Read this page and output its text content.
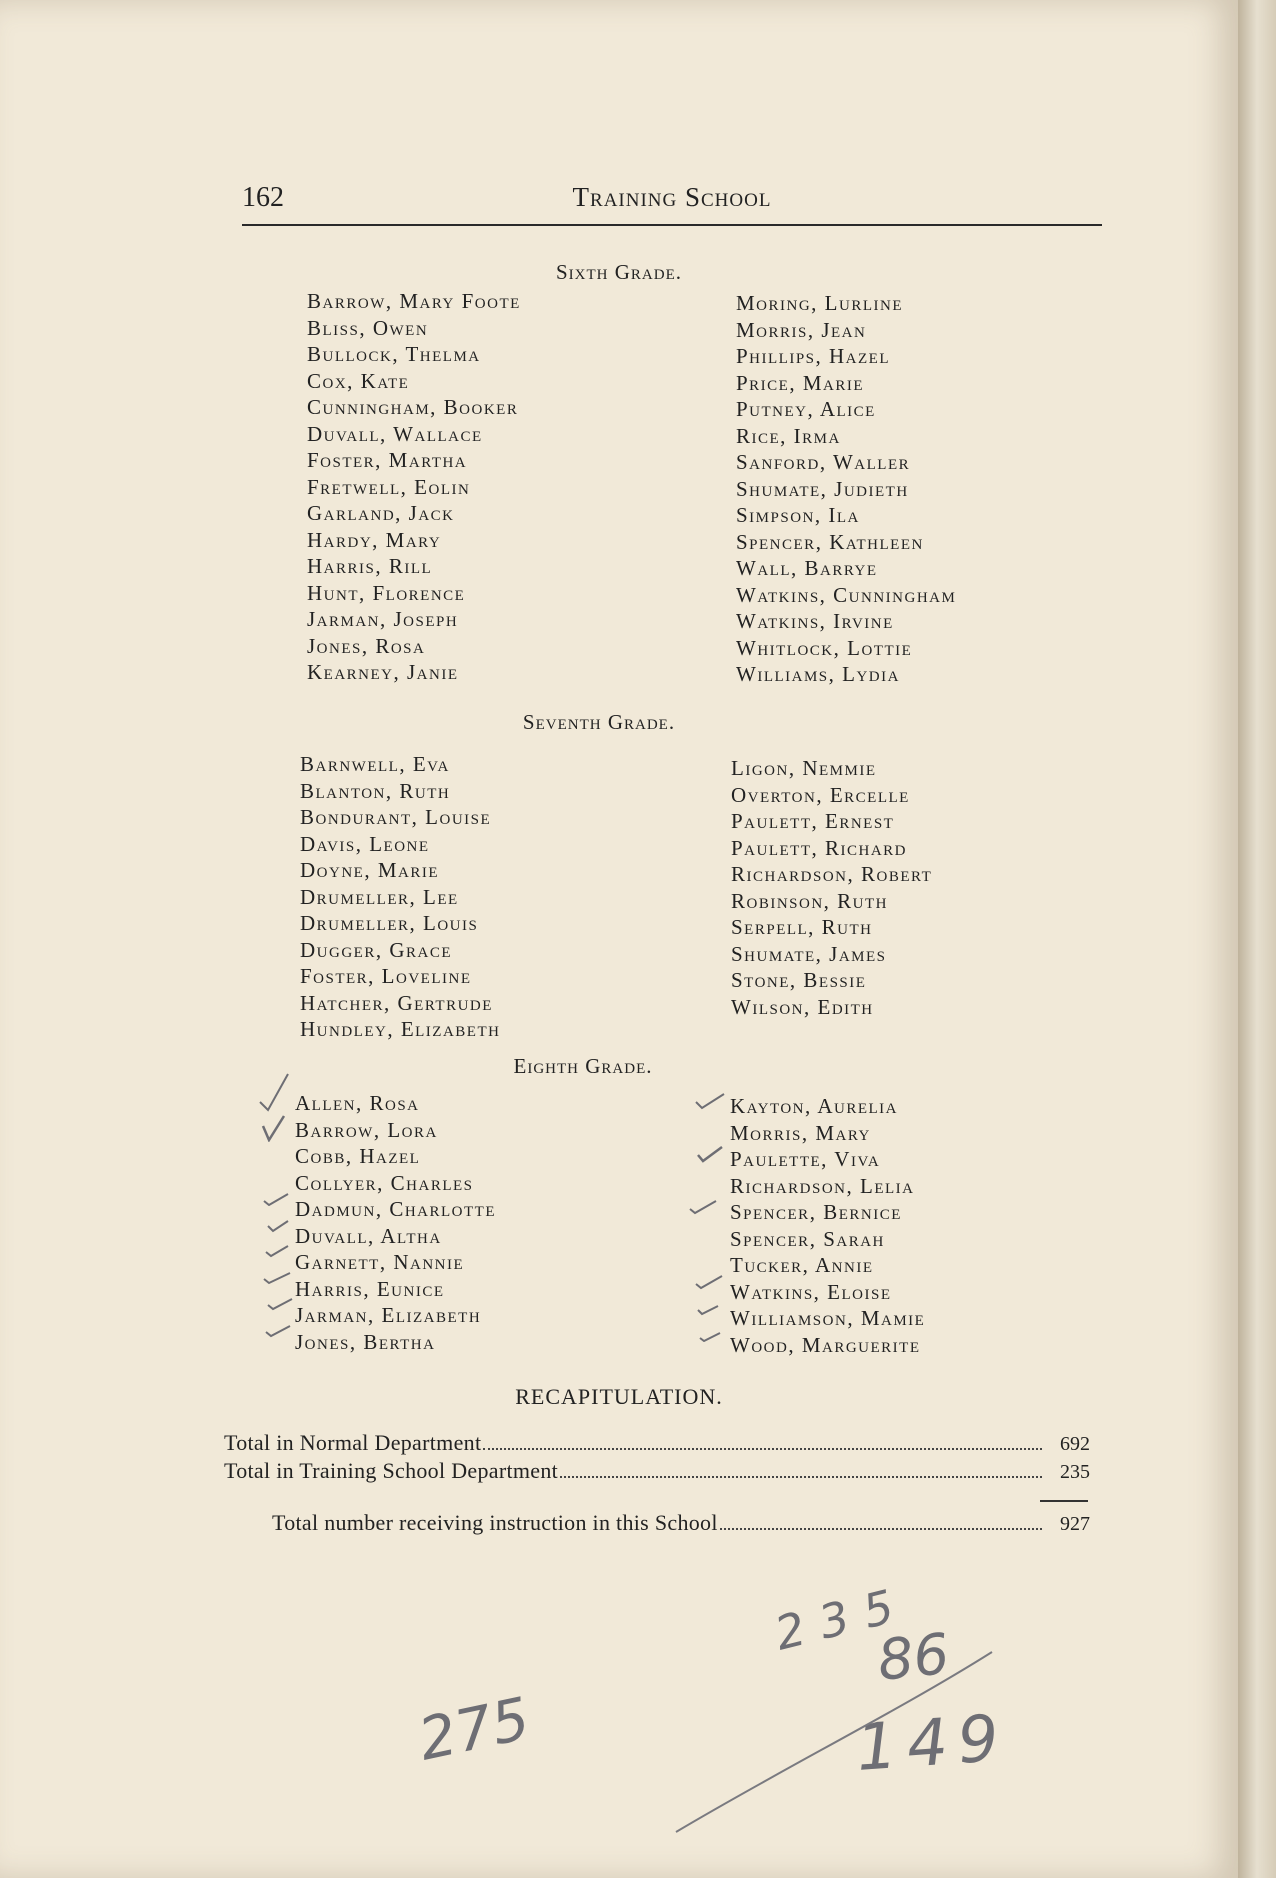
162	Training School
Sixth Grade.
Barrow, Mary Foote
Bliss, Owen
Bullock, Thelma
Cox, Kate
Cunningham, Booker
Duvall, Wallace
Foster, Martha
Fretwell, Eolin
Garland, Jack
Hardy, Mary
Harris, Rill
Hunt, Florence
Jarman, Joseph
Jones, Rosa
Kearney, Janie
Moring, Lurline
Morris, Jean
Phillips, Hazel
Price, Marie
Putney, Alice
Rice, Irma
Sanford, Waller
Shumate, Judieth
Simpson, Ila
Spencer, Kathleen
Wall, Barrye
Watkins, Cunningham
Watkins, Irvine
Whitlock, Lottie
Williams, Lydia
Seventh Grade.
Barnwell, Eva
Blanton, Ruth
Bondurant, Louise
Davis, Leone
Doyne, Marie
Drumeller, Lee
Drumeller, Louis
Dugger, Grace
Foster, Loveline
Hatcher, Gertrude
Hundley, Elizabeth
Ligon, Nemmie
Overton, Ercelle
Paulett, Ernest
Paulett, Richard
Richardson, Robert
Robinson, Ruth
Serpell, Ruth
Shumate, James
Stone, Bessie
Wilson, Edith
Eighth Grade.
Allen, Rosa
Barrow, Lora
Cobb, Hazel
Collyer, Charles
Dadmun, Charlotte
Duvall, Altha
Garnett, Nannie
Harris, Eunice
Jarman, Elizabeth
Jones, Bertha
Kayton, Aurelia
Morris, Mary
Paulette, Viva
Richardson, Lelia
Spencer, Bernice
Spencer, Sarah
Tucker, Annie
Watkins, Eloise
Williamson, Mamie
Wood, Marguerite
RECAPITULATION.
Total in Normal Department	692
Total in Training School Department	235
Total number receiving instruction in this School	927
275
235
86
149
